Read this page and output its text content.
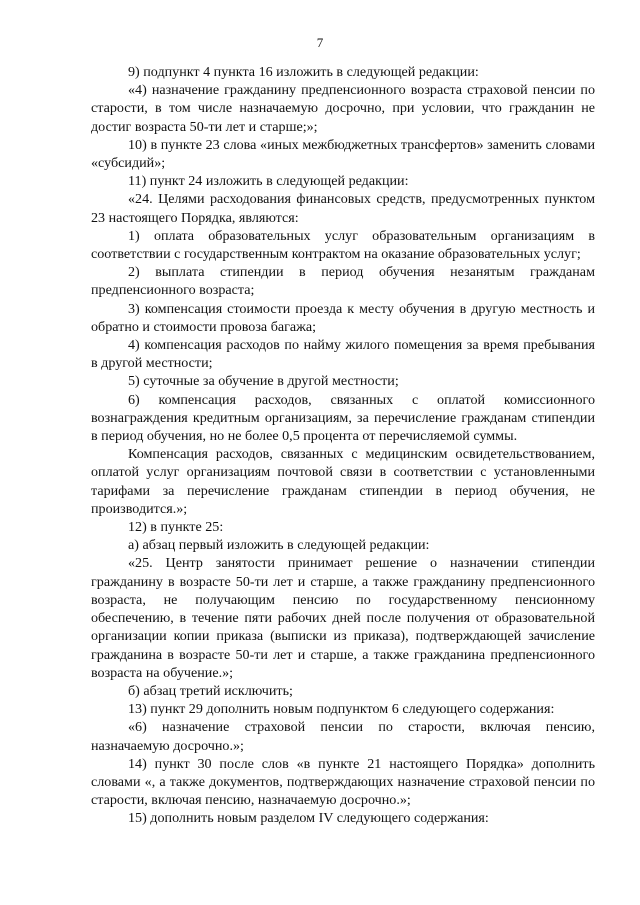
7

9) подпункт 4 пункта 16 изложить в следующей редакции:

«4) назначение гражданину предпенсионного возраста страховой пенсии по старости, в том числе назначаемую досрочно, при условии, что гражданин не достиг возраста 50-ти лет и старше;»;

10) в пункте 23 слова «иных межбюджетных трансфертов» заменить словами «субсидий»;

11) пункт 24 изложить в следующей редакции:

«24. Целями расходования финансовых средств, предусмотренных пунктом 23 настоящего Порядка, являются:

1) оплата образовательных услуг образовательным организациям в соответствии с государственным контрактом на оказание образовательных услуг;

2) выплата стипендии в период обучения незанятым гражданам предпенсионного возраста;

3) компенсация стоимости проезда к месту обучения в другую местность и обратно и стоимости провоза багажа;

4) компенсация расходов по найму жилого помещения за время пребывания в другой местности;

5) суточные за обучение в другой местности;

6) компенсация расходов, связанных с оплатой комиссионного вознаграждения кредитным организациям, за перечисление гражданам стипендии в период обучения, но не более 0,5 процента от перечисляемой суммы.

Компенсация расходов, связанных с медицинским освидетельствованием, оплатой услуг организациям почтовой связи в соответствии с установленными тарифами за перечисление гражданам стипендии в период обучения, не производится.»;

12) в пункте 25:

а) абзац первый изложить в следующей редакции:

«25. Центр занятости принимает решение о назначении стипендии гражданину в возрасте 50-ти лет и старше, а также гражданину предпенсионного возраста, не получающим пенсию по государственному пенсионному обеспечению, в течение пяти рабочих дней после получения от образовательной организации копии приказа (выписки из приказа), подтверждающей зачисление гражданина в возрасте 50-ти лет и старше, а также гражданина предпенсионного возраста на обучение.»;

б) абзац третий исключить;

13) пункт 29 дополнить новым подпунктом 6 следующего содержания:

«6) назначение страховой пенсии по старости, включая пенсию, назначаемую досрочно.»;

14) пункт 30 после слов «в пункте 21 настоящего Порядка» дополнить словами «, а также документов, подтверждающих назначение страховой пенсии по старости, включая пенсию, назначаемую досрочно.»;

15) дополнить новым разделом IV следующего содержания:
